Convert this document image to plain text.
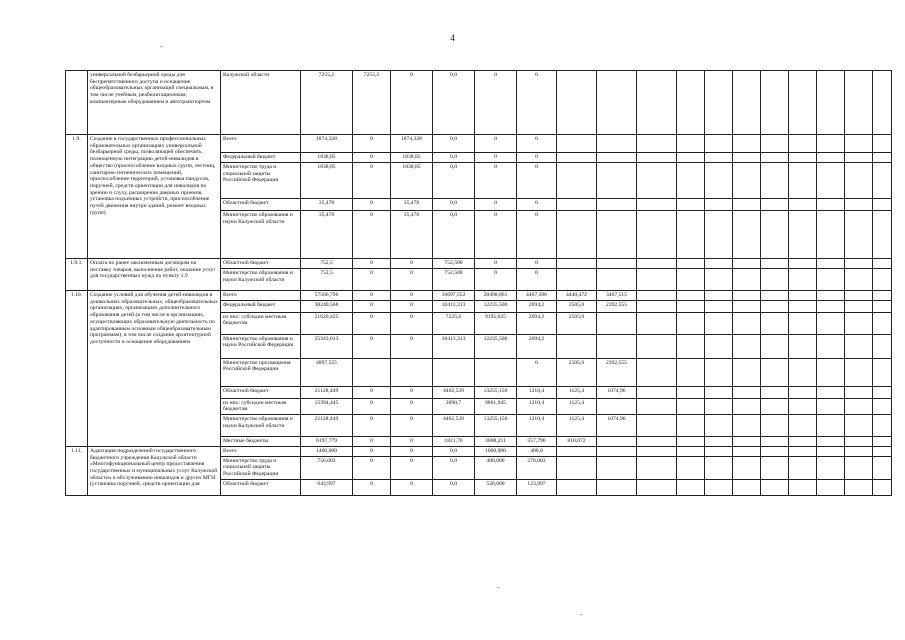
4
-
-
-
	универсальной безбарьерной среды для беспрепятственного доступа и оснащение общеобразовательных организаций специальным, в том числе учебным, реабилитационным, компьютерным оборудованием и автотранспортом	Калужской области	7255,2	7255,2	0	0,0	0	0											
1.9.	Создание в государственных профессиональных образовательных организациях универсальной безбарьерной среды, позволяющей обеспечить полноценную интеграцию детей-инвалидов в общество (приспособление входных групп, лестниц, санитарно-гигиенических помещений, приспособление территорий, установка пандусов, поручней, средств ориентации для инвалидов по зрению и слуху, расширение дверных проемов, установка подъемных устройств, приспособление путей движения внутри зданий, ремонт входных групп)	Всего	1874,328	0	1874,328	0,0	0	0											
		Федеральный бюджет	1838,85	0	1838,85	0,0	0	0											
		Министерство труда и социальной защиты Российской Федерации	1838,85	0	1838,85	0,0	0	0											
		Областной бюджет	35,478	0	35,478	0,0	0	0											
		Министерство образования и науки Калужской области	35,478	0	35,478	0,0	0	0											
1.9.1.	Оплата по ранее заключенным договорам на поставку товаров, выполнение работ, оказание услуг для государственных нужд по пункту 1.9	Областной бюджет	752,5	0	0	752,500	0	0											
		Министерство образования и науки Калужской области	752,5	0	0	752,500	0	0											
1.10.	Создание условий для обучения детей-инвалидов в дошкольных образовательных, общеобразовательных организациях, организациях дополнительного образования детей (в том числе в организациях, осуществляющих образовательную деятельность по адаптированным основным общеобразовательным программам), в том числе создание архитектурной доступности и оснащение оборудованием	Всего	57566,796	0	0	16697,552	28498,861	4467,396	4440,472	3467,515									
		Федеральный бюджет	30240,568	0	0	10413,313	12235,500	2694,2	2505,0	2392,555									
		из них: субсидии местным бюджетам	21620,425	0	0	7225,6	9195,625	2694,2	2505,0										
		Министерство образования и науки Российской Федерации	25343,013	0	0	10413,313	12235,500	2694,2											
		Министерство просвещения Российской Федерации	4897,555					0	2505,0	2392,555									
		Областной бюджет	21128,449	0	0	4462,539	13255,150	1210,4	1125,4	1074,96									
		из них: субсидии местным бюджетам	15394,445	0	0	3090,7	9861,945	1210,4	1125,4										
		Министерство образования и науки Калужской области	21128,449	0	0	4462,539	13255,150	1210,4	1125,4	1074,96									
		Местные бюджеты	6197,779	0	0	1821,70	3008,211	557,796	810,072										
1.11.	Адаптация подразделений государственного бюджетного учреждения Калужской области «Многофункциональный центр предоставления государственных и муниципальных услуг Калужской области» к обслуживанию инвалидов и других МГН (установка поручней, средств ориентации для	Всего	1400,000	0	0	0,0	1000,000	400,0											
		Министерство труда и социальной защиты Российской Федерации	756,003	0	0	0,0	480,000	276,003											
		Областной бюджет	643,997	0	0	0,0	520,000	123,997											
